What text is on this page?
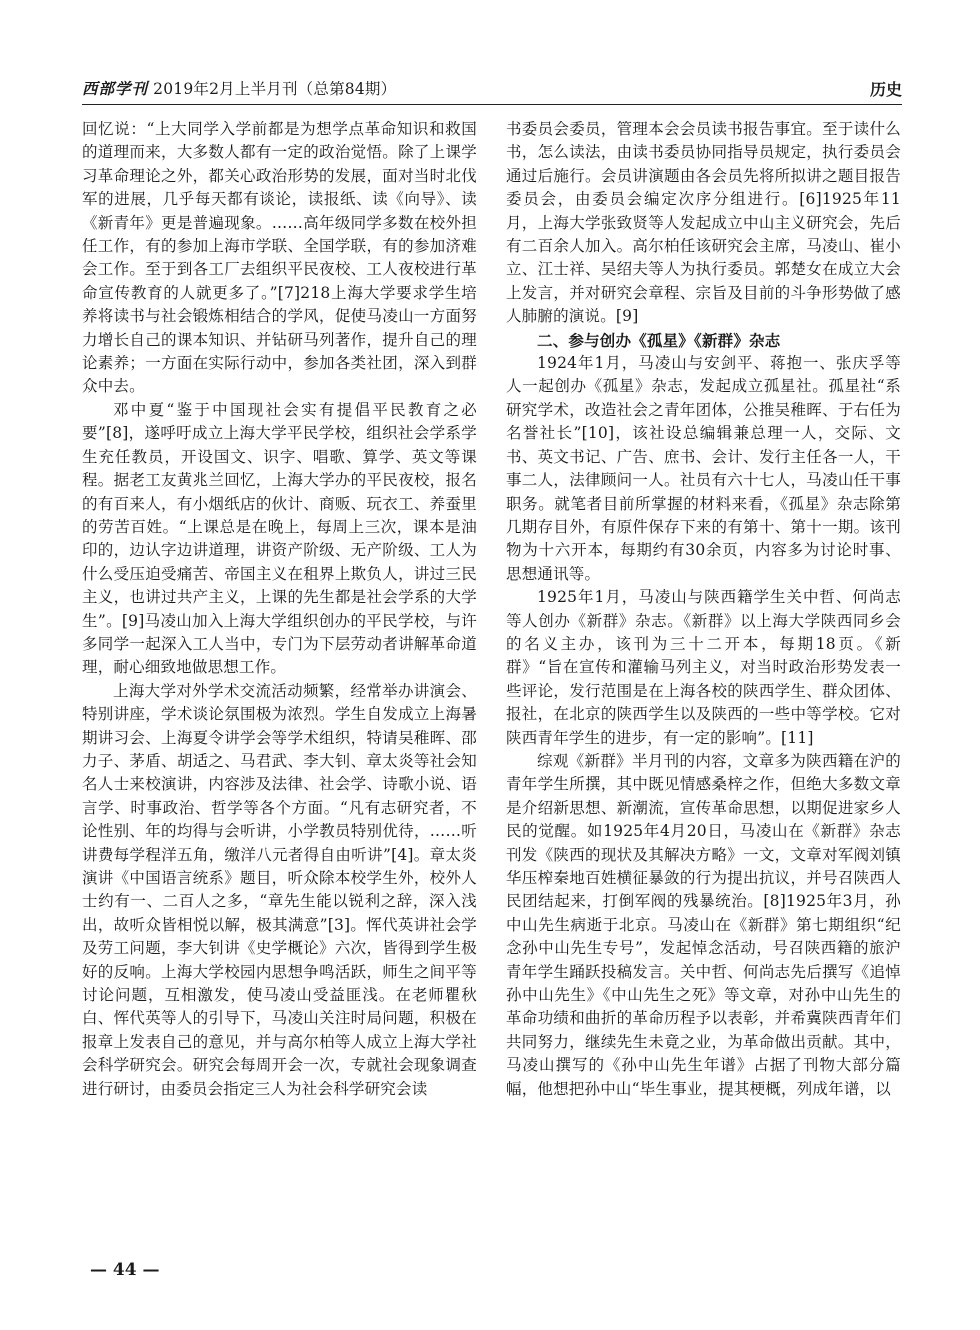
西部学刊 2019年2月上半月刊（总第84期）	历史

回忆说：“上大同学入学前都是为想学点革命知识和救国的道理而来，大多数人都有一定的政治觉悟。除了上课学习革命理论之外，都关心政治形势的发展，面对当时北伐军的进展，几乎每天都有谈论，读报纸、读《向导》、读《新青年》更是普遍现象。……高年级同学多数在校外担任工作，有的参加上海市学联、全国学联，有的参加济难会工作。至于到各工厂去组织平民夜校、工人夜校进行革命宣传教育的人就更多了。”[7]218上海大学要求学生培养将读书与社会锻炼相结合的学风，促使马凌山一方面努力增长自己的课本知识、并钻研马列著作，提升自己的理论素养；一方面在实际行动中，参加各类社团，深入到群众中去。

邓中夏“鉴于中国现社会实有提倡平民教育之必要”[8]，遂呼吁成立上海大学平民学校，组织社会学系学生充任教员，开设国文、识字、唱歌、算学、英文等课程。据老工友黄兆兰回忆，上海大学办的平民夜校，报名的有百来人，有小烟纸店的伙计、商贩、玩衣工、养蚕里的劳苦百姓。“上课总是在晚上，每周上三次，课本是油印的，边认字边讲道理，讲资产阶级、无产阶级、工人为什么受压迫受痛苦、帝国主义在租界上欺负人，讲过三民主义，也讲过共产主义，上课的先生都是社会学系的大学生”。[9]马凌山加入上海大学组织创办的平民学校，与许多同学一起深入工人当中，专门为下层劳动者讲解革命道理，耐心细致地做思想工作。

上海大学对外学术交流活动频繁，经常举办讲演会、特别讲座，学术谈论氛围极为浓烈。学生自发成立上海暑期讲习会、上海夏令讲学会等学术组织，特请吴稚晖、邵力子、茅盾、胡适之、马君武、李大钊、章太炎等社会知名人士来校演讲，内容涉及法律、社会学、诗歌小说、语言学、时事政治、哲学等各个方面。“凡有志研究者，不论性别、年的均得与会听讲，小学教员特别优待，……听讲费每学程洋五角，缴洋八元者得自由听讲”[4]。章太炎演讲《中国语言统系》题目，听众除本校学生外，校外人士约有一、二百人之多，“章先生能以锐利之辞，深入浅出，故听众皆相悦以解，极其满意”[3]。恽代英讲社会学及劳工问题，李大钊讲《史学概论》六次，皆得到学生极好的反响。上海大学校园内思想争鸣活跃，师生之间平等讨论问题，互相激发，使马凌山受益匪浅。在老师瞿秋白、恽代英等人的引导下，马凌山关注时局问题，积极在报章上发表自己的意见，并与高尔柏等人成立上海大学社会科学研究会。研究会每周开会一次，专就社会现象调查进行研讨，由委员会指定三人为社会科学研究会读

书委员会委员，管理本会会员读书报告事宜。至于读什么书，怎么读法，由读书委员协同指导员规定，执行委员会通过后施行。会员讲演题由各会员先将所拟讲之题目报告委员会，由委员会编定次序分组进行。[6]1925年11月，上海大学张致贤等人发起成立中山主义研究会，先后有二百余人加入。高尔柏任该研究会主席，马凌山、崔小立、江士祥、吴绍夫等人为执行委员。郭楚女在成立大会上发言，并对研究会章程、宗旨及目前的斗争形势做了感人肺腑的演说。[9]

二、参与创办《孤星》《新群》杂志

1924年1月，马凌山与安剑平、蒋抱一、张庆孚等人一起创办《孤星》杂志，发起成立孤星社。孤星社“系研究学术，改造社会之青年团体，公推吴稚晖、于右任为名誉社长”[10]，该社设总编辑兼总理一人，交际、文书、英文书记、广告、庶书、会计、发行主任各一人，干事二人，法律顾问一人。社员有六十七人，马凌山任干事职务。就笔者目前所掌握的材料来看，《孤星》杂志除第几期存目外，有原件保存下来的有第十、第十一期。该刊物为十六开本，每期约有30余页，内容多为讨论时事、思想通讯等。

1925年1月，马凌山与陕西籍学生关中哲、何尚志等人创办《新群》杂志。《新群》以上海大学陕西同乡会的名义主办，该刊为三十二开本，每期18页。《新群》“旨在宣传和灌输马列主义，对当时政治形势发表一些评论，发行范围是在上海各校的陕西学生、群众团体、报社，在北京的陕西学生以及陕西的一些中等学校。它对陕西青年学生的进步，有一定的影响”。[11]

综观《新群》半月刊的内容，文章多为陕西籍在沪的青年学生所撰，其中既见情感桑梓之作，但绝大多数文章是介绍新思想、新潮流，宣传革命思想，以期促进家乡人民的觉醒。如1925年4月20日，马凌山在《新群》杂志刊发《陕西的现状及其解决方略》一文，文章对军阀刘镇华压榨秦地百姓横征暴敛的行为提出抗议，并号召陕西人民团结起来，打倒军阀的残暴统治。[8]1925年3月，孙中山先生病逝于北京。马凌山在《新群》第七期组织“纪念孙中山先生专号”，发起悼念活动，号召陕西籍的旅沪青年学生踊跃投稿发言。关中哲、何尚志先后撰写《追悼孙中山先生》《中山先生之死》等文章，对孙中山先生的革命功绩和曲折的革命历程予以表彰，并希冀陕西青年们共同努力，继续先生未竟之业，为革命做出贡献。其中，马凌山撰写的《孙中山先生年谱》占据了刊物大部分篇幅，他想把孙中山“毕生事业，提其梗概，列成年谱，以

— 44 —
